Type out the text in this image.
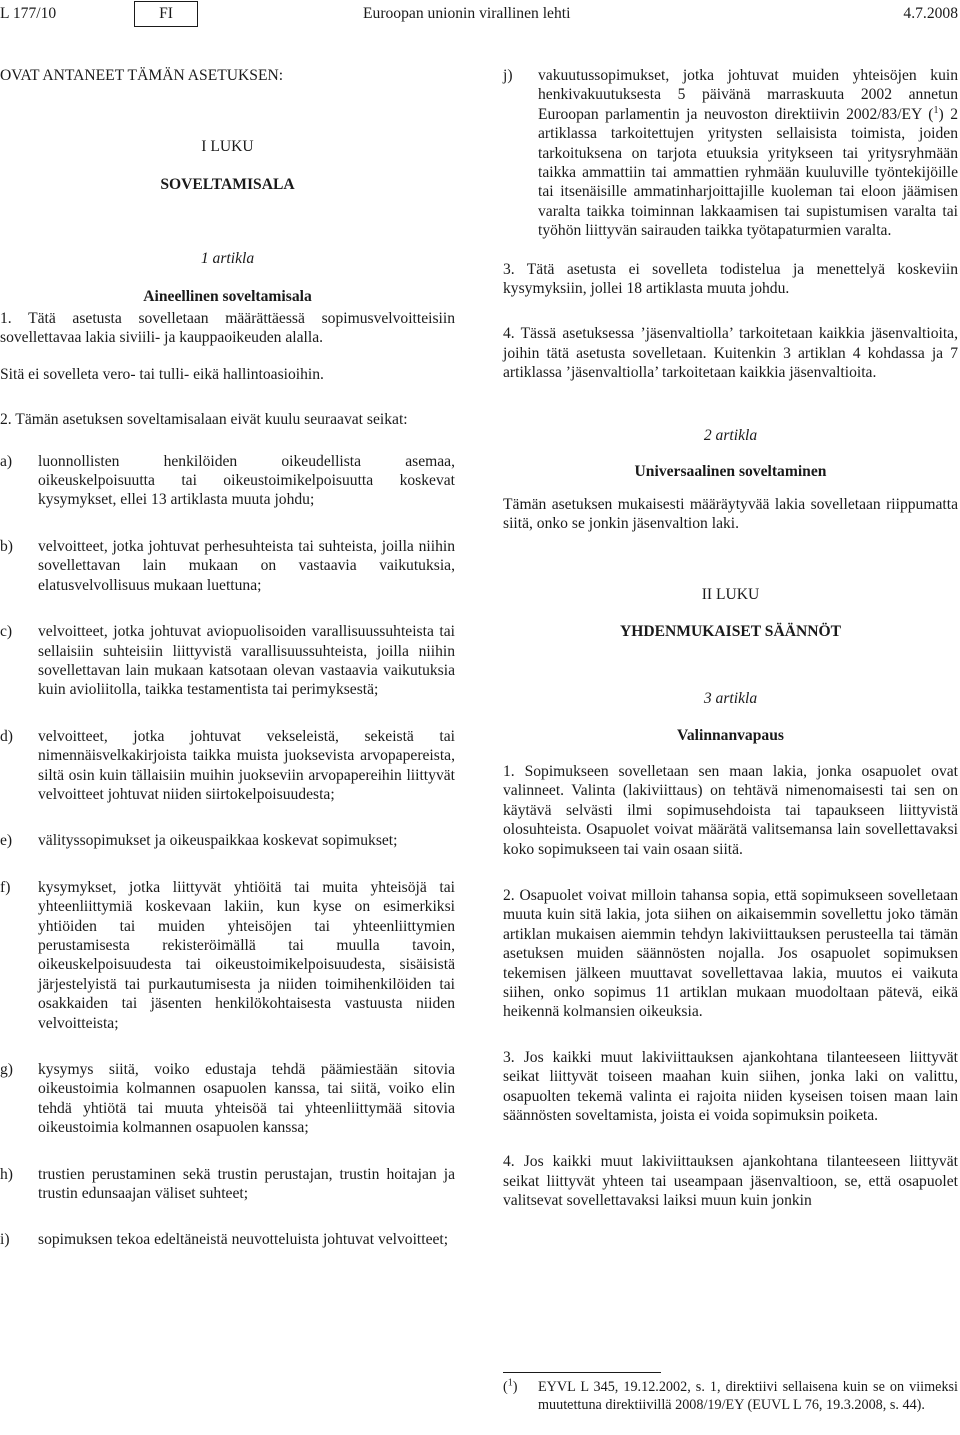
L 177/10	FI	Euroopan unionin virallinen lehti	4.7.2008

OVAT ANTANEET TÄMÄN ASETUKSEN:

I LUKU

SOVELTAMISALA

1 artikla

Aineellinen soveltamisala

1. Tätä asetusta sovelletaan määrättäessä sopimusvelvoitteisiin sovellettavaa lakia siviili- ja kauppaoikeuden alalla.

Sitä ei sovelleta vero- tai tulli- eikä hallintoasioihin.

2. Tämän asetuksen soveltamisalaan eivät kuulu seuraavat seikat:

a)	luonnollisten henkilöiden oikeudellista asemaa, oikeuskelpoisuutta tai oikeustoimikelpoisuutta koskevat kysymykset, ellei 13 artiklasta muuta johdu;
b)	velvoitteet, jotka johtuvat perhesuhteista tai suhteista, joilla niihin sovellettavan lain mukaan on vastaavia vaikutuksia, elatusvelvollisuus mukaan luettuna;
c)	velvoitteet, jotka johtuvat aviopuolisoiden varallisuussuhteista tai sellaisiin suhteisiin liittyvistä varallisuussuhteista, joilla niihin sovellettavan lain mukaan katsotaan olevan vastaavia vaikutuksia kuin avioliitolla, taikka testamentista tai perimyksestä;
d)	velvoitteet, jotka johtuvat vekseleistä, sekeistä tai nimennäisvelkakirjoista taikka muista juoksevista arvopapereista, siltä osin kuin tällaisiin muihin juokseviin arvopapereihin liittyvät velvoitteet johtuvat niiden siirtokelpoisuudesta;
e)	välityssopimukset ja oikeuspaikkaa koskevat sopimukset;
f)	kysymykset, jotka liittyvät yhtiöitä tai muita yhteisöjä tai yhteenliittymiä koskevaan lakiin, kun kyse on esimerkiksi yhtiöiden tai muiden yhteisöjen tai yhteenliittymien perustamisesta rekisteröimällä tai muulla tavoin, oikeuskelpoisuudesta tai oikeustoimikelpoisuudesta, sisäisistä järjestelyistä tai purkautumisesta ja niiden toimihenkilöiden tai osakkaiden tai jäsenten henkilökohtaisesta vastuusta niiden velvoitteista;
g)	kysymys siitä, voiko edustaja tehdä päämiestään sitovia oikeustoimia kolmannen osapuolen kanssa, tai siitä, voiko elin tehdä yhtiötä tai muuta yhteisöä tai yhteenliittymää sitovia oikeustoimia kolmannen osapuolen kanssa;
h)	trustien perustaminen sekä trustin perustajan, trustin hoitajan ja trustin edunsaajan väliset suhteet;
i)	sopimuksen tekoa edeltäneistä neuvotteluista johtuvat velvoitteet;
j)	vakuutussopimukset, jotka johtuvat muiden yhteisöjen kuin henkivakuutuksesta 5 päivänä marraskuuta 2002 annetun Euroopan parlamentin ja neuvoston direktiivin 2002/83/EY ($^1$) 2 artiklassa tarkoitettujen yritysten sellaisista toimista, joiden tarkoituksena on tarjota etuuksia yritykseen tai yritysryhmään taikka ammattiin tai ammattien ryhmään kuuluville työntekijöille tai itsenäisille ammatinharjoittajille kuoleman tai eloon jäämisen varalta taikka toiminnan lakkaamisen tai supistumisen varalta tai työhön liittyvän sairauden taikka työtapaturmien varalta.

3. Tätä asetusta ei sovelleta todistelua ja menettelyä koskeviin kysymyksiin, jollei 18 artiklasta muuta johdu.

4. Tässä asetuksessa ’jäsenvaltiolla’ tarkoitetaan kaikkia jäsenvaltioita, joihin tätä asetusta sovelletaan. Kuitenkin 3 artiklan 4 kohdassa ja 7 artiklassa ’jäsenvaltiolla’ tarkoitetaan kaikkia jäsenvaltioita.

2 artikla

Universaalinen soveltaminen

Tämän asetuksen mukaisesti määräytyvää lakia sovelletaan riippumatta siitä, onko se jonkin jäsenvaltion laki.

II LUKU

YHDENMUKAISET SÄÄNNÖT

3 artikla

Valinnanvapaus

1. Sopimukseen sovelletaan sen maan lakia, jonka osapuolet ovat valinneet. Valinta (lakiviittaus) on tehtävä nimenomaisesti tai sen on käytävä selvästi ilmi sopimusehdoista tai tapaukseen liittyvistä olosuhteista. Osapuolet voivat määrätä valitsemansa lain sovellettavaksi koko sopimukseen tai vain osaan siitä.

2. Osapuolet voivat milloin tahansa sopia, että sopimukseen sovelletaan muuta kuin sitä lakia, jota siihen on aikaisemmin sovellettu joko tämän artiklan mukaisen aiemmin tehdyn lakiviittauksen perusteella tai tämän asetuksen muiden säännösten nojalla. Jos osapuolet sopimuksen tekemisen jälkeen muuttavat sovellettavaa lakia, muutos ei vaikuta siihen, onko sopimus 11 artiklan mukaan muodoltaan pätevä, eikä heikennä kolmansien oikeuksia.

3. Jos kaikki muut lakiviittauksen ajankohtana tilanteeseen liittyvät seikat liittyvät toiseen maahan kuin siihen, jonka laki on valittu, osapuolten tekemä valinta ei rajoita niiden kyseisen toisen maan lain säännösten soveltamista, joista ei voida sopimuksin poiketa.

4. Jos kaikki muut lakiviittauksen ajankohtana tilanteeseen liittyvät seikat liittyvät yhteen tai useampaan jäsenvaltioon, se, että osapuolet valitsevat sovellettavaksi laiksi muun kuin jonkin

($^1$)	EYVL L 345, 19.12.2002, s. 1, direktiivi sellaisena kuin se on viimeksi muutettuna direktiivillä 2008/19/EY (EUVL L 76, 19.3.2008, s. 44).
